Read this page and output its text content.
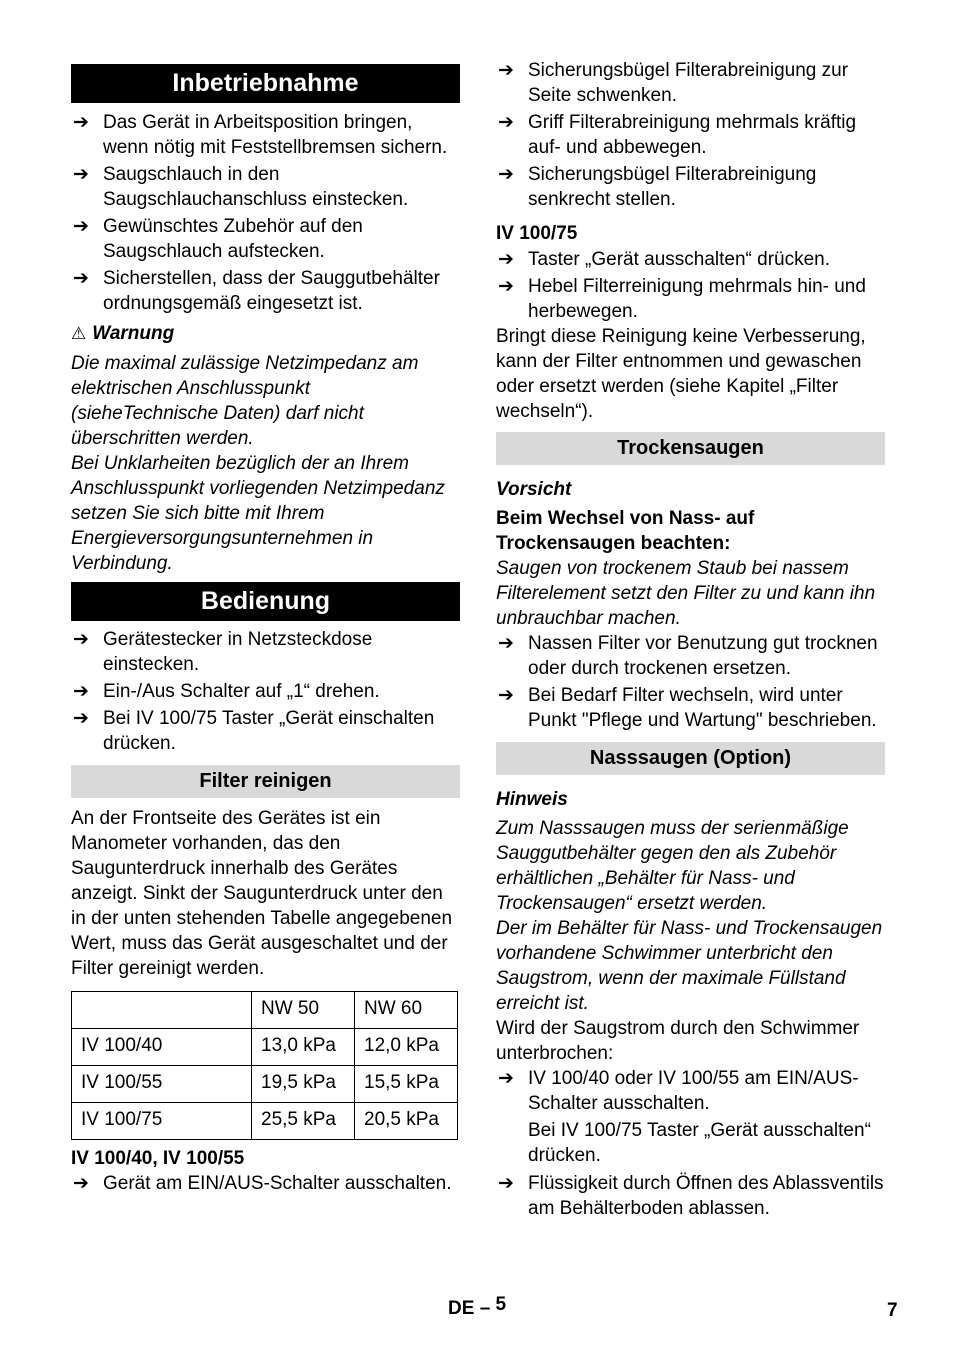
Inbetriebnahme
➔ Das Gerät in Arbeitsposition bringen, wenn nötig mit Feststellbremsen sichern.
➔ Saugschlauch in den Saugschlauchanschluss einstecken.
➔ Gewünschtes Zubehör auf den Saugschlauch aufstecken.
➔ Sicherstellen, dass der Sauggutbehälter ordnungsgemäß eingesetzt ist.
⚠ Warnung

Die maximal zulässige Netzimpedanz am elektrischen Anschlusspunkt (sieheTechnische Daten) darf nicht überschritten werden.

Bei Unklarheiten bezüglich der an Ihrem Anschlusspunkt vorliegenden Netzimpedanz setzen Sie sich bitte mit Ihrem Energieversorgungsunternehmen in Verbindung.

Bedienung
➔ Gerätestecker in Netzsteckdose einstecken.
➔ Ein-/Aus Schalter auf „1“ drehen.
➔ Bei IV 100/75 Taster „Gerät einschalten drücken.
Filter reinigen

An der Frontseite des Gerätes ist ein Manometer vorhanden, das den Saugunterdruck innerhalb des Gerätes anzeigt. Sinkt der Saugunterdruck unter den in der unten stehenden Tabelle angegebenen Wert, muss das Gerät ausgeschaltet und der Filter gereinigt werden.

	NW 50	NW 60
IV 100/40	13,0 kPa	12,0 kPa
IV 100/55	19,5 kPa	15,5 kPa
IV 100/75	25,5 kPa	20,5 kPa

IV 100/40, IV 100/55

➔ Gerät am EIN/AUS-Schalter ausschalten.
➔ Sicherungsbügel Filterabreinigung zur Seite schwenken.
➔ Griff Filterabreinigung mehrmals kräftig auf- und abbewegen.
➔ Sicherungsbügel Filterabreinigung senkrecht stellen.

IV 100/75

➔ Taster „Gerät ausschalten“ drücken.
➔ Hebel Filterreinigung mehrmals hin- und herbewegen.

Bringt diese Reinigung keine Verbesserung, kann der Filter entnommen und gewaschen oder ersetzt werden (siehe Kapitel „Filter wechseln“).

Trockensaugen

Vorsicht

Beim Wechsel von Nass- auf Trockensaugen beachten:

Saugen von trockenem Staub bei nassem Filterelement setzt den Filter zu und kann ihn unbrauchbar machen.

➔ Nassen Filter vor Benutzung gut trocknen oder durch trockenen ersetzen.
➔ Bei Bedarf Filter wechseln, wird unter Punkt "Pflege und Wartung" beschrieben.
Nasssaugen (Option)

Hinweis

Zum Nasssaugen muss der serienmäßige Sauggutbehälter gegen den als Zubehör erhältlichen „Behälter für Nass- und Trockensaugen“ ersetzt werden.

Der im Behälter für Nass- und Trockensaugen vorhandene Schwimmer unterbricht den Saugstrom, wenn der maximale Füllstand erreicht ist.

Wird der Saugstrom durch den Schwimmer unterbrochen:

➔ IV 100/40 oder IV 100/55 am EIN/AUS-Schalter ausschalten.

Bei IV 100/75 Taster „Gerät ausschalten“ drücken.

➔ Flüssigkeit durch Öffnen des Ablassventils am Behälterboden ablassen.
DE – 5	7
